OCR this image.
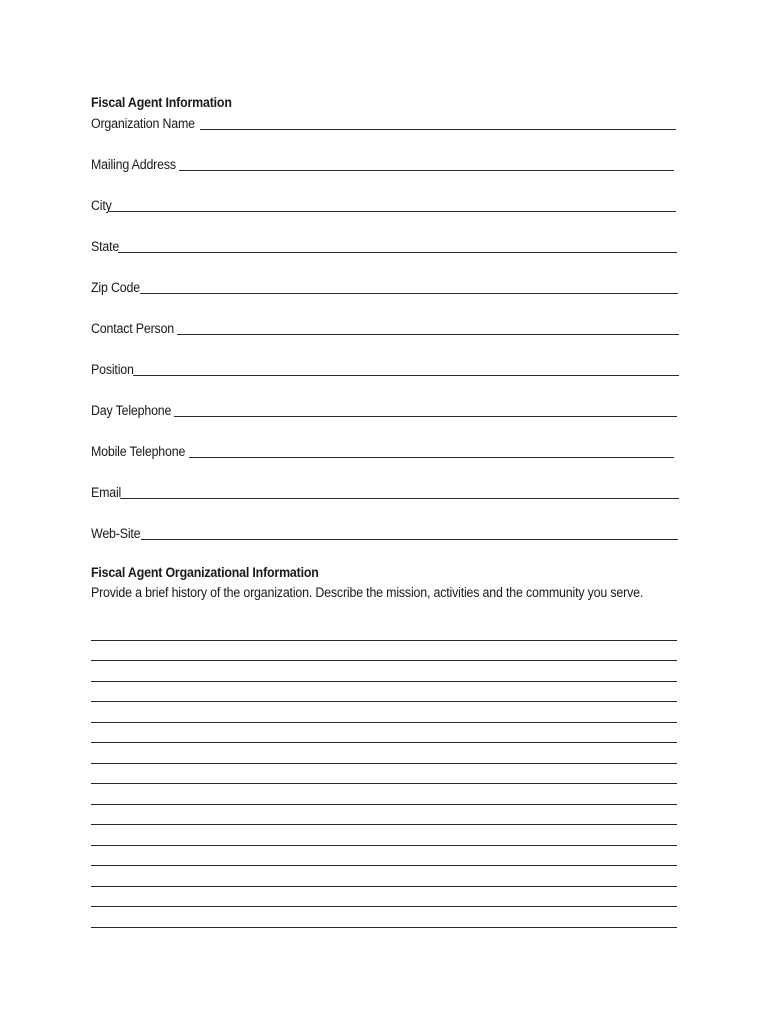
Fiscal Agent Information
Organization Name
Mailing Address
City
State
Zip Code
Contact Person
Position
Day Telephone
Mobile Telephone
Email
Web-Site
Fiscal Agent Organizational Information
Provide a brief history of the organization. Describe the mission, activities and the community you serve.
